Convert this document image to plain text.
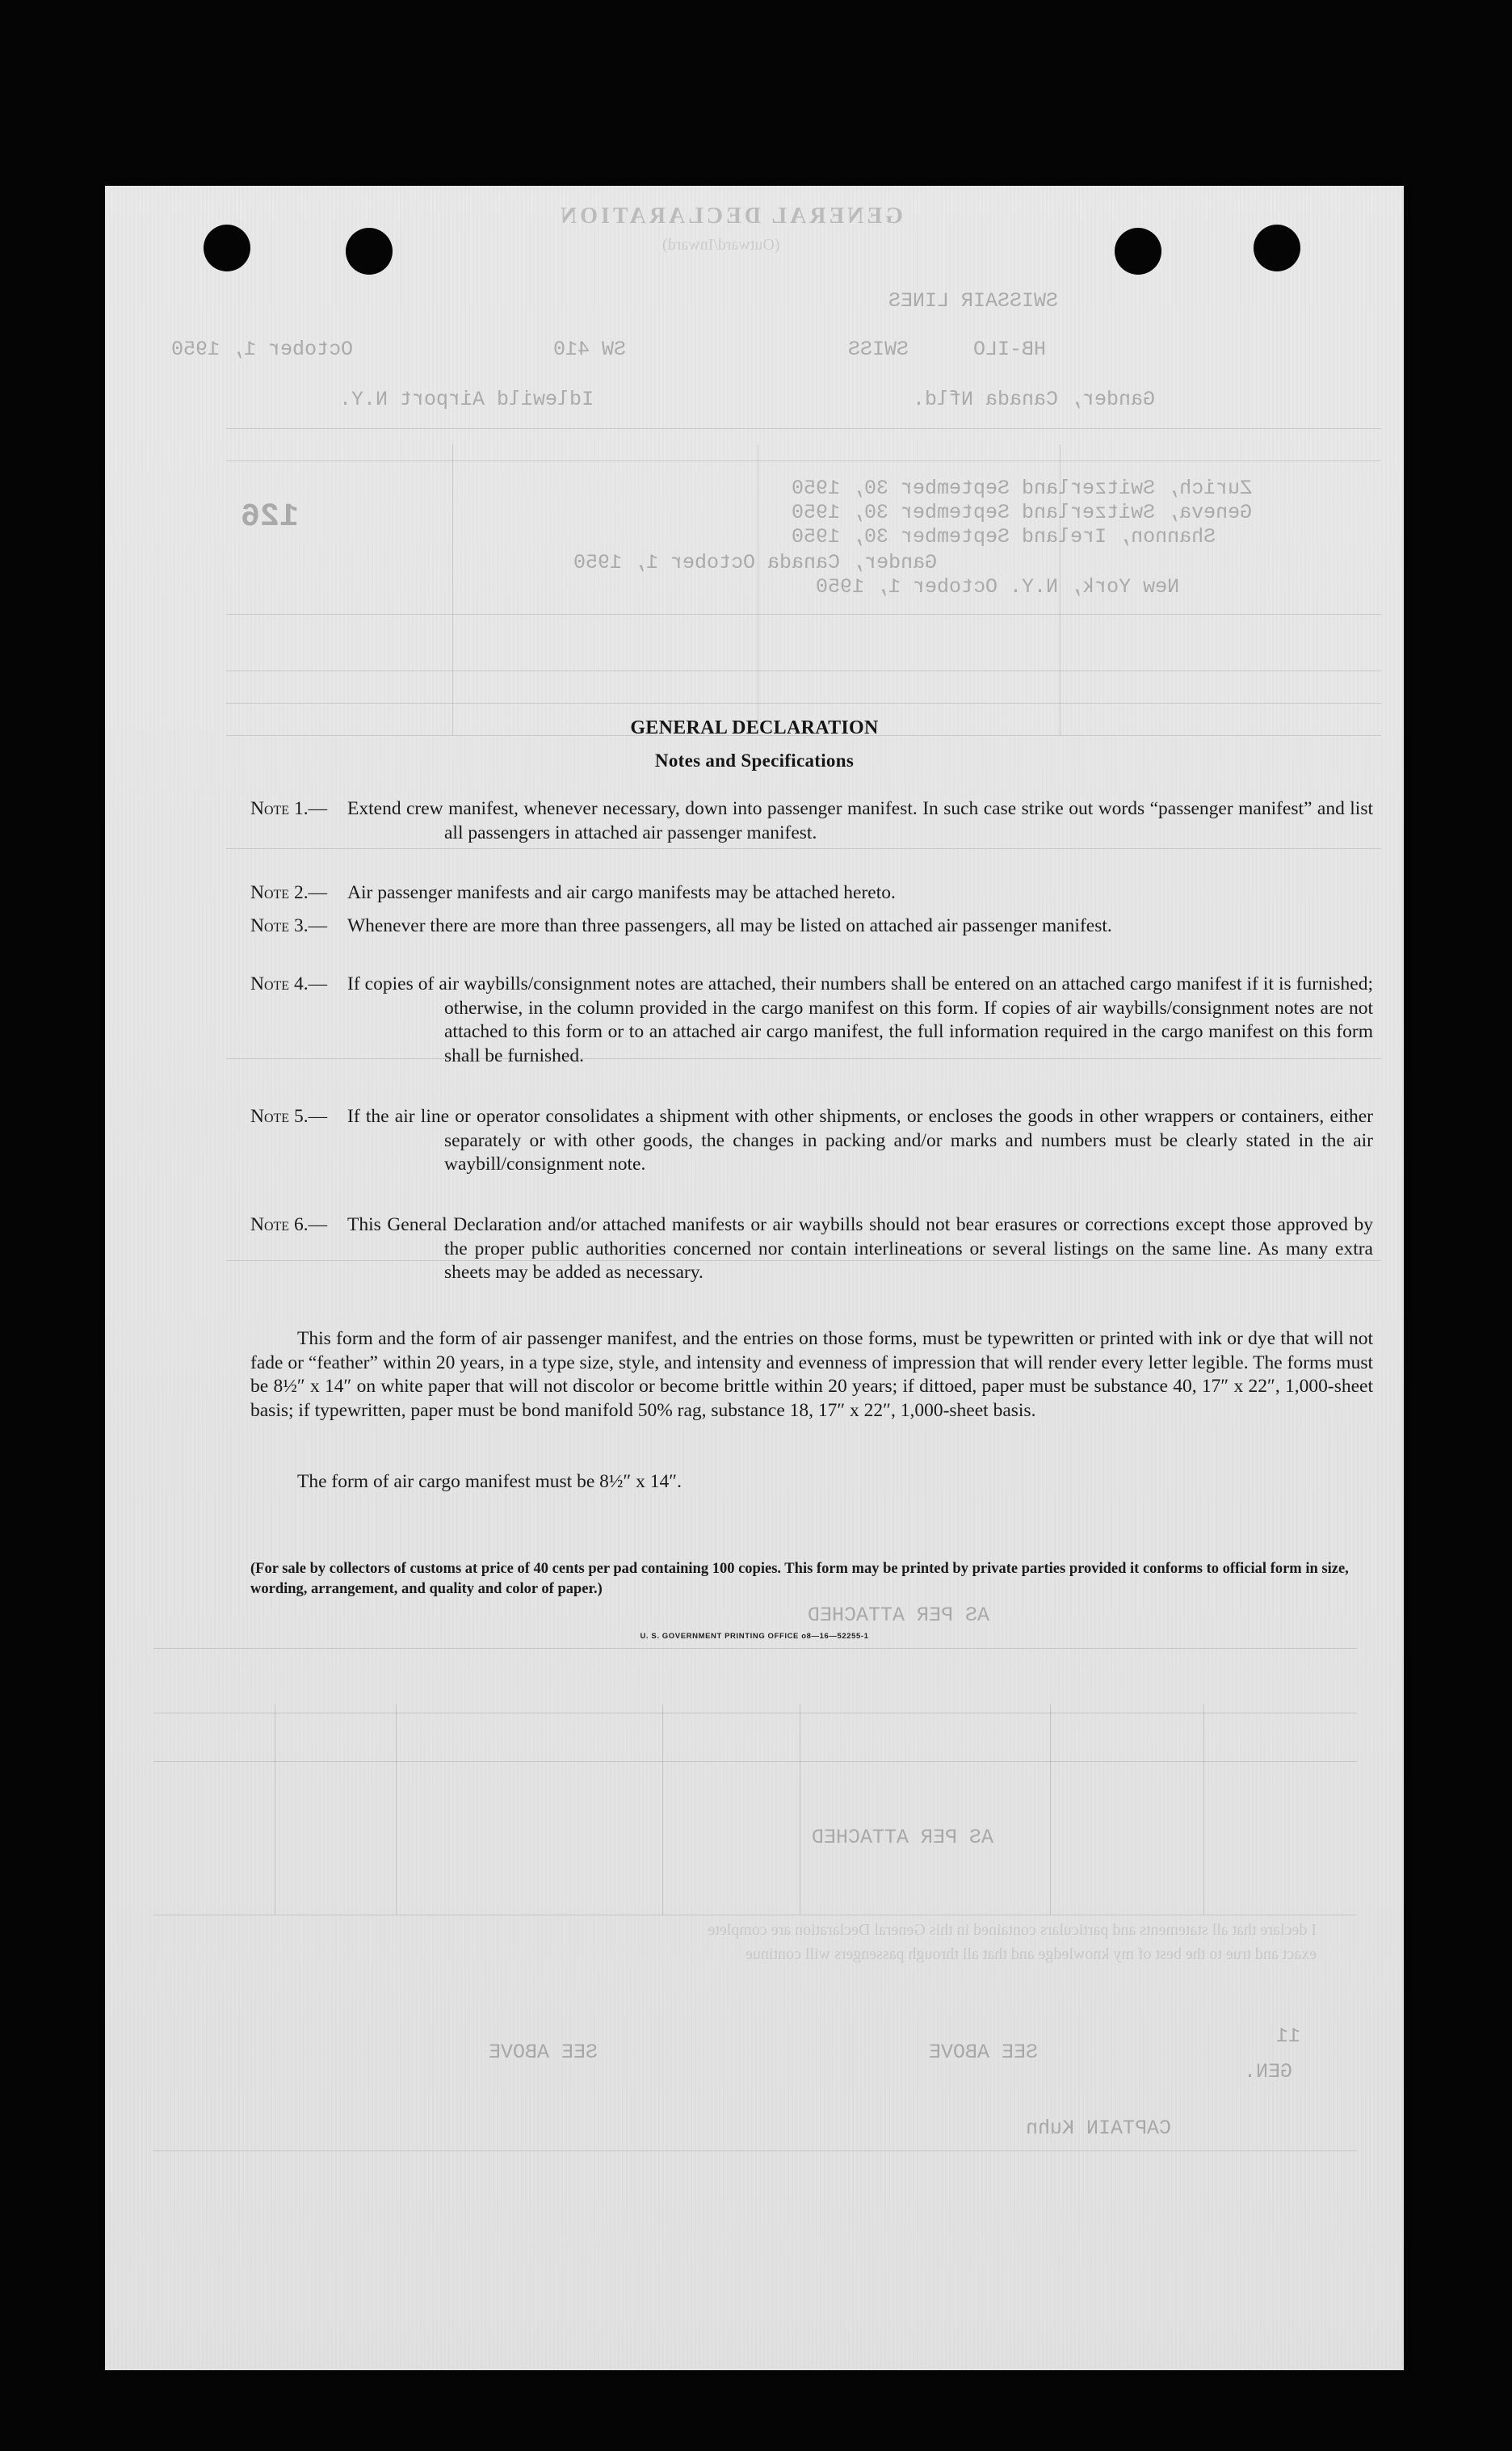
GENERAL DECLARATION
(Outward/Inward)
SWISSAIR LINES
October 1, 1950	SW 410	SWISS	HB-ILO
Idlewild Airport N.Y.	Gander, Canada Nfld.
Zurich, Switzerland September 30, 1950
Geneva, Switzerland September 30, 1950
Shannon, Ireland September 30, 1950
Gander, Canada October 1, 1950
New York, N.Y. October 1, 1950
126
AS PER ATTACHED
AS PER ATTACHED
I declare that all statements and particulars contained in this General Declaration are complete
exact and true to the best of my knowledge and that all through passengers will continue
SEE ABOVE	SEE ABOVE
11
GEN.
CAPTAIN Kuhn
GENERAL DECLARATION
Notes and Specifications
Note 1.—	Extend crew manifest, whenever necessary, down into passenger manifest. In such case strike out words “passenger manifest” and list all passengers in attached air passenger manifest.
Note 2.—	Air passenger manifests and air cargo manifests may be attached hereto.
Note 3.—	Whenever there are more than three passengers, all may be listed on attached air passenger manifest.
Note 4.—	If copies of air waybills/consignment notes are attached, their numbers shall be entered on an attached cargo manifest if it is furnished; otherwise, in the column provided in the cargo manifest on this form. If copies of air waybills/consignment notes are not attached to this form or to an attached air cargo manifest, the full information required in the cargo manifest on this form shall be furnished.
Note 5.—	If the air line or operator consolidates a shipment with other shipments, or encloses the goods in other wrappers or containers, either separately or with other goods, the changes in packing and/or marks and numbers must be clearly stated in the air waybill/consignment note.
Note 6.—	This General Declaration and/or attached manifests or air waybills should not bear erasures or corrections except those approved by the proper public authorities concerned nor contain interlineations or several listings on the same line. As many extra sheets may be added as necessary.
This form and the form of air passenger manifest, and the entries on those forms, must be typewritten or printed with ink or dye that will not fade or “feather” within 20 years, in a type size, style, and intensity and evenness of impression that will render every letter legible. The forms must be 8½″ x 14″ on white paper that will not discolor or become brittle within 20 years; if dittoed, paper must be substance 40, 17″ x 22″, 1,000-sheet basis; if typewritten, paper must be bond manifold 50% rag, substance 18, 17″ x 22″, 1,000-sheet basis.
The form of air cargo manifest must be 8½″ x 14″.
(For sale by collectors of customs at price of 40 cents per pad containing 100 copies. This form may be printed by private parties provided it conforms to official form in size, wording, arrangement, and quality and color of paper.)
U. S. GOVERNMENT PRINTING OFFICE o8—16—52255-1
